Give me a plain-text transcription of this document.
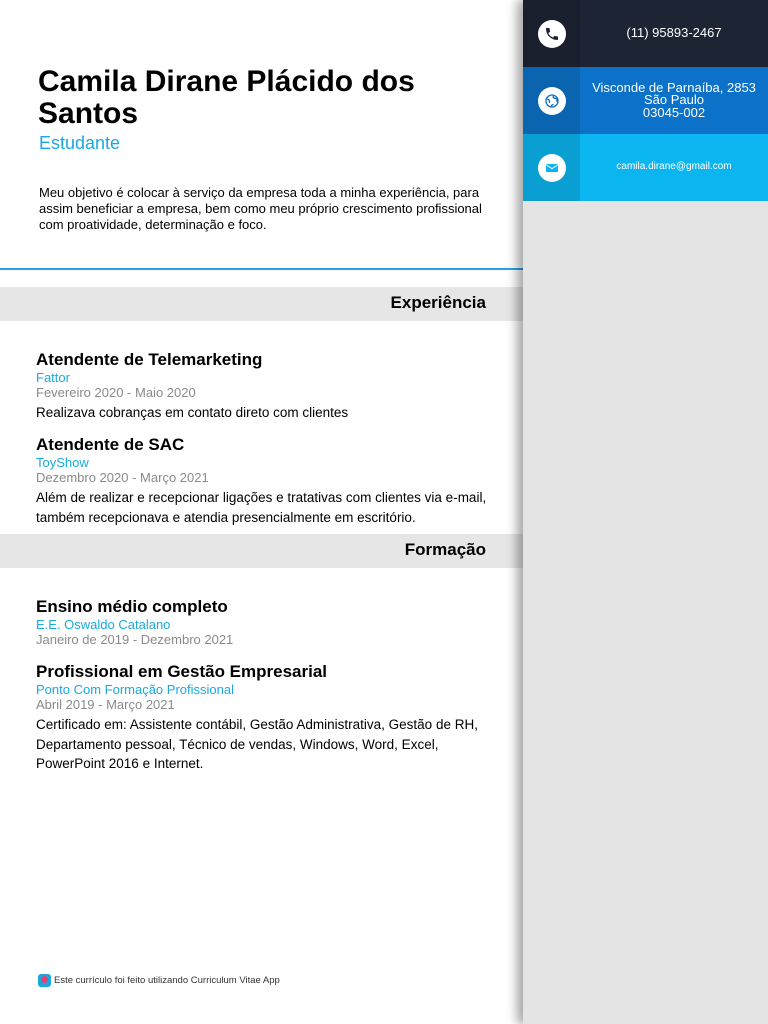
Camila Dirane Plácido dos Santos
Estudante
Meu objetivo é colocar à serviço da empresa toda a minha experiência, para assim beneficiar a empresa, bem como meu próprio crescimento profissional com proatividade, determinação e foco.
Experiência
Atendente de Telemarketing
Fattor
Fevereiro 2020 - Maio 2020
Realizava cobranças em contato direto com clientes
Atendente de SAC
ToyShow
Dezembro 2020 - Março 2021
Além de realizar e recepcionar ligações e tratativas com clientes via e-mail, também recepcionava e atendia presencialmente em escritório.
Formação
Ensino médio completo
E.E. Oswaldo Catalano
Janeiro de 2019 - Dezembro 2021
Profissional em Gestão Empresarial
Ponto Com Formação Profissional
Abril 2019 - Março 2021
Certificado em: Assistente contábil, Gestão Administrativa, Gestão de RH, Departamento pessoal, Técnico de vendas, Windows, Word, Excel, PowerPoint 2016 e Internet.
Este currículo foi feito utilizando Curriculum Vitae App
(11) 95893-2467
Visconde de Parnaíba, 2853
São Paulo
03045-002
camila.dirane@gmail.com
